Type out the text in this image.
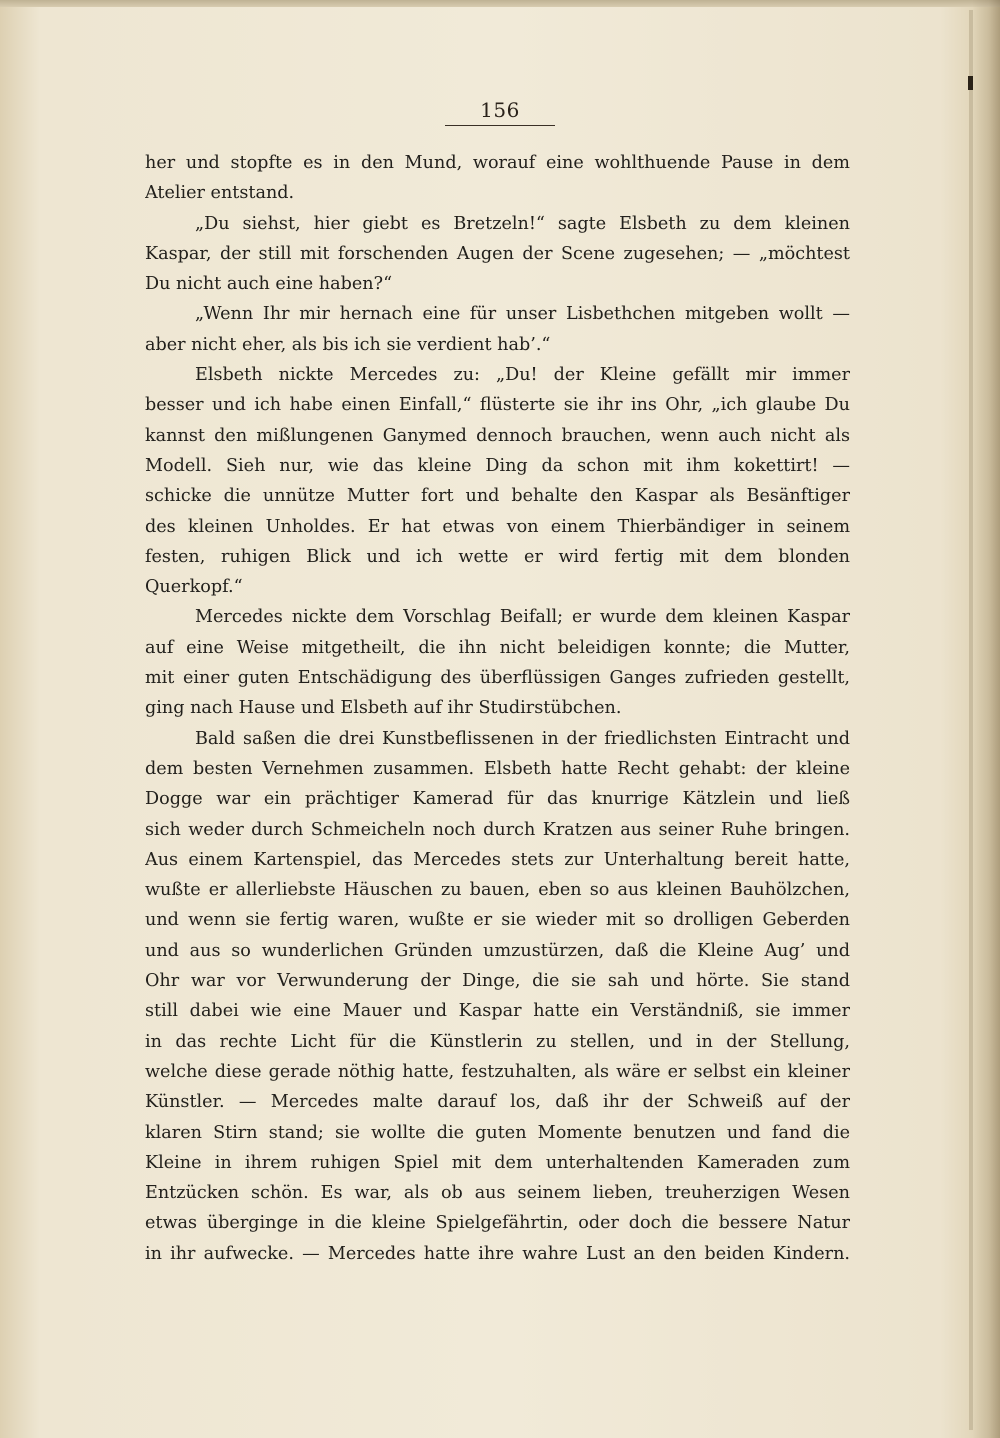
156
her und stopfte es in den Mund, worauf eine wohlthuende Pause in dem
Atelier entstand.
„Du siehst, hier giebt es Bretzeln!“ sagte Elsbeth zu dem kleinen
Kaspar, der still mit forschenden Augen der Scene zugesehen; — „möchtest
Du nicht auch eine haben?“
„Wenn Ihr mir hernach eine für unser Lisbethchen mitgeben wollt —
aber nicht eher, als bis ich sie verdient hab’.“
Elsbeth nickte Mercedes zu: „Du! der Kleine gefällt mir immer
besser und ich habe einen Einfall,“ flüsterte sie ihr ins Ohr, „ich glaube Du
kannst den mißlungenen Ganymed dennoch brauchen, wenn auch nicht als
Modell. Sieh nur, wie das kleine Ding da schon mit ihm kokettirt! —
schicke die unnütze Mutter fort und behalte den Kaspar als Besänftiger
des kleinen Unholdes. Er hat etwas von einem Thierbändiger in seinem
festen, ruhigen Blick und ich wette er wird fertig mit dem blonden
Querkopf.“
Mercedes nickte dem Vorschlag Beifall; er wurde dem kleinen Kaspar
auf eine Weise mitgetheilt, die ihn nicht beleidigen konnte; die Mutter,
mit einer guten Entschädigung des überflüssigen Ganges zufrieden gestellt,
ging nach Hause und Elsbeth auf ihr Studirstübchen.
Bald saßen die drei Kunstbeflissenen in der friedlichsten Eintracht und
dem besten Vernehmen zusammen. Elsbeth hatte Recht gehabt: der kleine
Dogge war ein prächtiger Kamerad für das knurrige Kätzlein und ließ
sich weder durch Schmeicheln noch durch Kratzen aus seiner Ruhe bringen.
Aus einem Kartenspiel, das Mercedes stets zur Unterhaltung bereit hatte,
wußte er allerliebste Häuschen zu bauen, eben so aus kleinen Bauhölzchen,
und wenn sie fertig waren, wußte er sie wieder mit so drolligen Geberden
und aus so wunderlichen Gründen umzustürzen, daß die Kleine Aug’ und
Ohr war vor Verwunderung der Dinge, die sie sah und hörte. Sie stand
still dabei wie eine Mauer und Kaspar hatte ein Verständniß, sie immer
in das rechte Licht für die Künstlerin zu stellen, und in der Stellung,
welche diese gerade nöthig hatte, festzuhalten, als wäre er selbst ein kleiner
Künstler. — Mercedes malte darauf los, daß ihr der Schweiß auf der
klaren Stirn stand; sie wollte die guten Momente benutzen und fand die
Kleine in ihrem ruhigen Spiel mit dem unterhaltenden Kameraden zum
Entzücken schön. Es war, als ob aus seinem lieben, treuherzigen Wesen
etwas überginge in die kleine Spielgefährtin, oder doch die bessere Natur
in ihr aufwecke. — Mercedes hatte ihre wahre Lust an den beiden Kindern.
